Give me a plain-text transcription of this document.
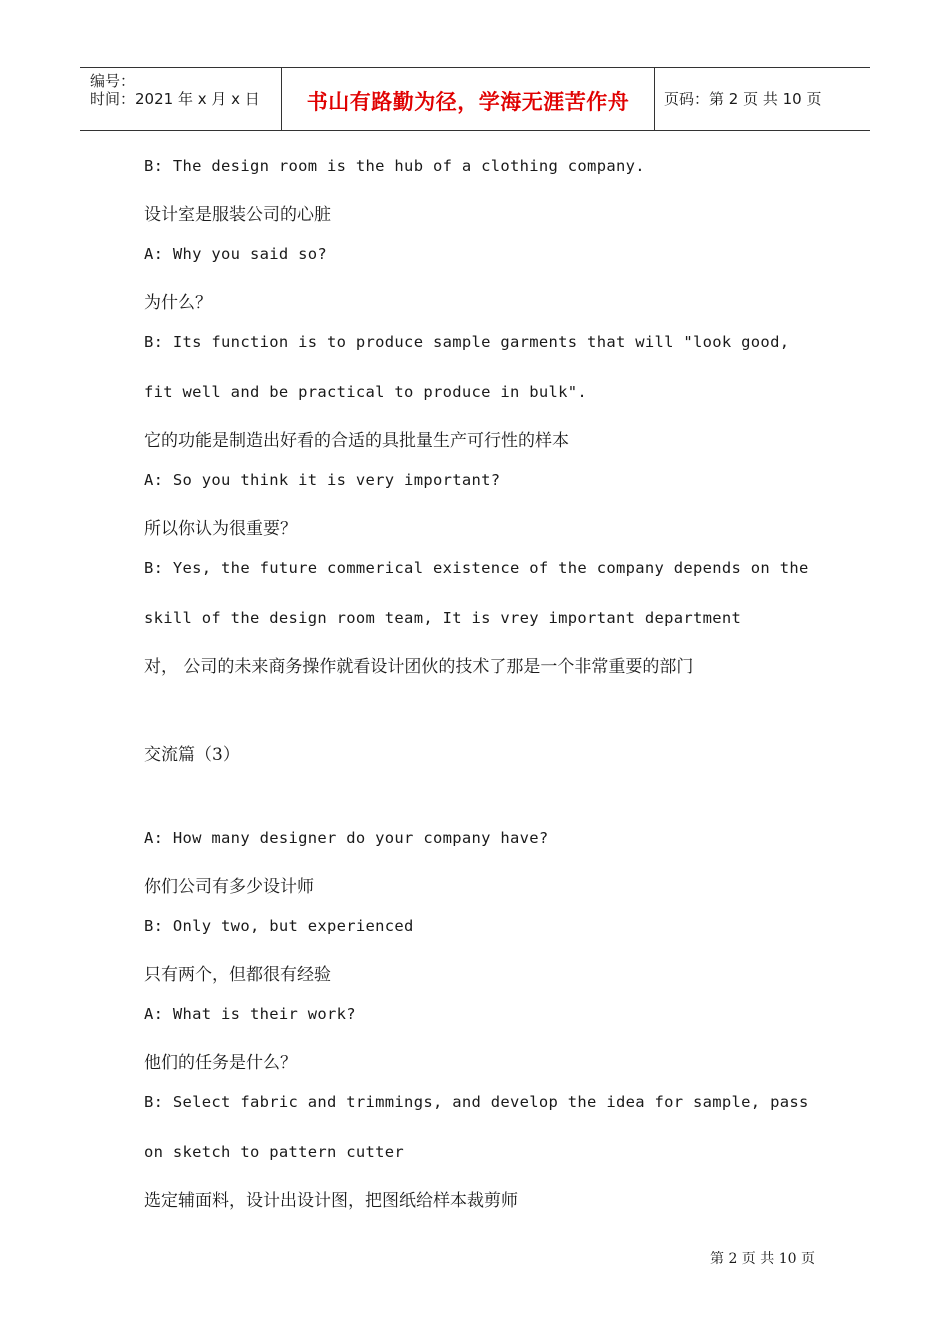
编号：
时间：2021 年 x 月 x 日	书山有路勤为径，学海无涯苦作舟	页码：第 2 页 共 10 页
B: The design room is the hub of a clothing company.
设计室是服装公司的心脏
A: Why you said so?
为什么？
B: Its function is to produce sample garments that will "look good,
fit well and be practical to produce in bulk".
它的功能是制造出好看的合适的具批量生产可行性的样本
A: So you think it is very important?
所以你认为很重要？
B: Yes, the future commerical existence of the company depends on the
skill of the design room team, It is vrey important department
对， 公司的未来商务操作就看设计团伙的技术了那是一个非常重要的部门
交流篇（3）
A: How many designer do your company have?
你们公司有多少设计师
B: Only two, but experienced
只有两个，但都很有经验
A: What is their work?
他们的任务是什么？
B: Select fabric and trimmings, and develop the idea for sample, pass
on sketch to pattern cutter
选定辅面料，设计出设计图，把图纸给样本裁剪师
第 2 页 共 10 页
